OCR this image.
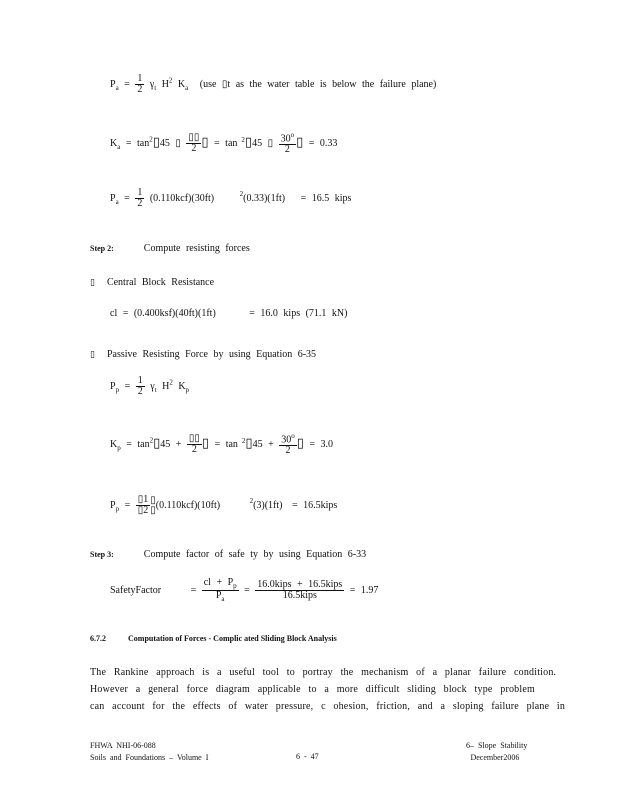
$P_a = \frac{1}{2} \gamma_t$ $H^2$ $K_a$ (use ▯t as the water table is below the failure plane)
$K_a$ = $\tan^2▯45$ ▯ $\frac{▯▯}{2}$ ▯ = tan $^2$▯45 ▯ $\frac{30^o}{2}$ ▯ = 0.33
$P_a = \frac{1}{2} (0.110kcf)(30ft)$	$^2$(0.33)(1ft) = 16.5 kips
Step 2:	Compute resisting forces
▯ Central Block Resistance
cl = (0.400ksf)(40ft)(1ft)	= 16.0 kips (71.1 kN)
▯ Passive Resisting Force by using Equation 6-35
$P_p = \frac{1}{2} \gamma_t$ $H^2$ $K_p$
$K_p$ = $\tan^2▯45 + \frac{▯▯}{2}$ ▯ = tan $^2$▯45 + $\frac{30^o}{2}$ ▯ = 3.0
$P_p = \frac{▯1}{▯2}$ ▯
▯ (0.110kcf)(10ft)	$^2$(3)(1ft) = 16.5kips
Step 3:	Compute factor of safe ty by using Equation 6-33
SafetyFactor	= $\frac{cl + P_p}{P_a} = \frac{\text{16.0kips + 16.5kips}}{\text{16.5kips}} = 1.97$
6.7.2	Computation of Forces - Complic ated Sliding Block Analysis
The Rankine approach is a useful tool to portray the mechanism of a planar failure condition.
However a general force diagram applicable to a more difficult sliding block type problem
can account for the effects of water pressure, c ohesion, friction, and a sloping failure plane in
FHWA NHI-06-088
Soils and Foundations – Volume I	6 - 47
6– Slope Stability
December2006
